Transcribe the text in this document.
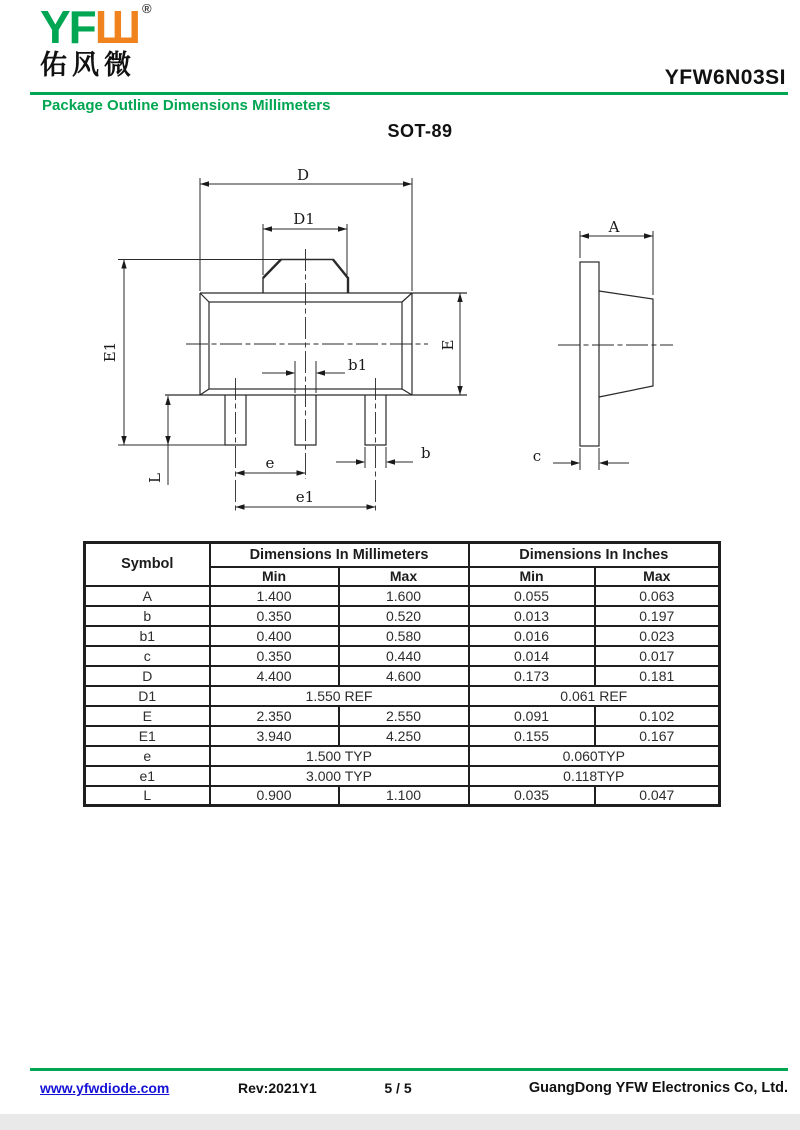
YFШ ®
佑风微	YFW6N03SI
Package Outline Dimensions Millimeters
SOT-89
D
D1
E1	E
L
b1
b
e
e1
A
c
Symbol	Dimensions In Millimeters		Dimensions In Inches	
	Min	Max	Min	Max
A	1.400	1.600	0.055	0.063
b	0.350	0.520	0.013	0.197
b1	0.400	0.580	0.016	0.023
c	0.350	0.440	0.014	0.017
D	4.400	4.600	0.173	0.181
D1	1.550 REF		0.061 REF	
E	2.350	2.550	0.091	0.102
E1	3.940	4.250	0.155	0.167
e	1.500 TYP		0.060TYP	
e1	3.000 TYP		0.118TYP	
L	0.900	1.100	0.035	0.047
www.yfwdiode.com	Rev:2021Y1	5 / 5	GuangDong YFW Electronics Co, Ltd.
